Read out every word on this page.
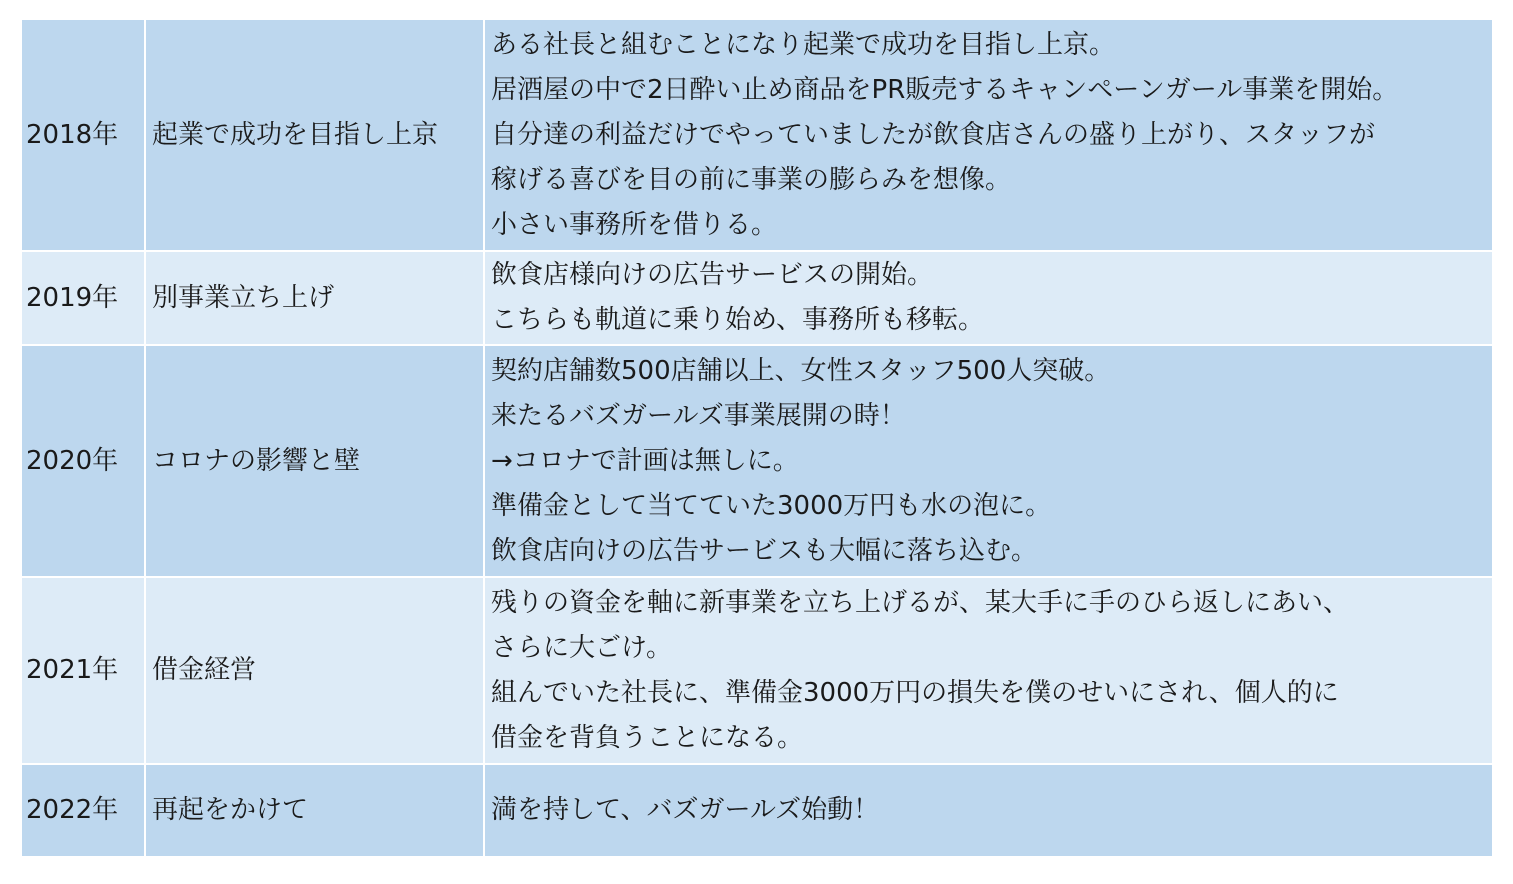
2018年	起業で成功を目指し上京	ある社長と組むことになり起業で成功を目指し上京。
居酒屋の中で2日酔い止め商品をPR販売するキャンペーンガール事業を開始。
自分達の利益だけでやっていましたが飲食店さんの盛り上がり、スタッフが
稼げる喜びを目の前に事業の膨らみを想像。
小さい事務所を借りる。

2019年	別事業立ち上げ	飲食店様向けの広告サービスの開始。
こちらも軌道に乗り始め、事務所も移転。

2020年	コロナの影響と壁	契約店舗数500店舗以上、女性スタッフ500人突破。
来たるバズガールズ事業展開の時！
→コロナで計画は無しに。
準備金として当てていた3000万円も水の泡に。
飲食店向けの広告サービスも大幅に落ち込む。

2021年	借金経営	残りの資金を軸に新事業を立ち上げるが、某大手に手のひら返しにあい、
さらに大ごけ。
組んでいた社長に、準備金3000万円の損失を僕のせいにされ、個人的に
借金を背負うことになる。

2022年	再起をかけて	満を持して、バズガールズ始動！
